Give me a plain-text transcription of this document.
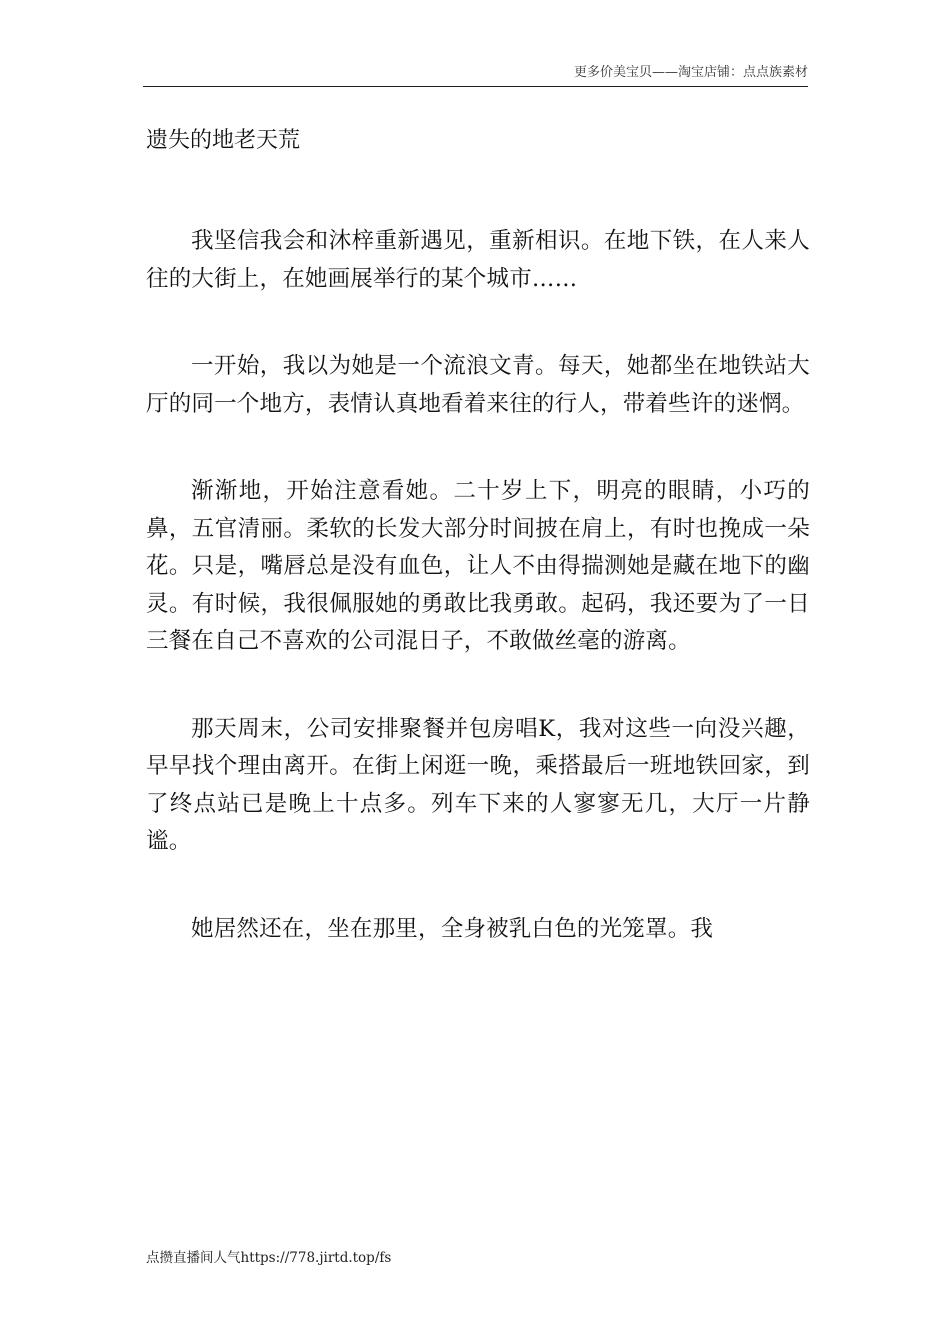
更多价美宝贝——淘宝店铺：点点族素材
遗失的地老天荒

我坚信我会和沐梓重新遇见，重新相识。在地下铁，在人来人往的大街上，在她画展举行的某个城市……

一开始，我以为她是一个流浪文青。每天，她都坐在地铁站大厅的同一个地方，表情认真地看着来往的行人，带着些许的迷惘。

渐渐地，开始注意看她。二十岁上下，明亮的眼睛，小巧的鼻，五官清丽。柔软的长发大部分时间披在肩上，有时也挽成一朵花。只是，嘴唇总是没有血色，让人不由得揣测她是藏在地下的幽灵。有时候，我很佩服她的勇敢比我勇敢。起码，我还要为了一日三餐在自己不喜欢的公司混日子，不敢做丝毫的游离。

那天周末，公司安排聚餐并包房唱K，我对这些一向没兴趣，早早找个理由离开。在街上闲逛一晚，乘搭最后一班地铁回家，到了终点站已是晚上十点多。列车下来的人寥寥无几，大厅一片静谧。

她居然还在，坐在那里，全身被乳白色的光笼罩。我

点攒直播间人气https://778.jirtd.top/fs
